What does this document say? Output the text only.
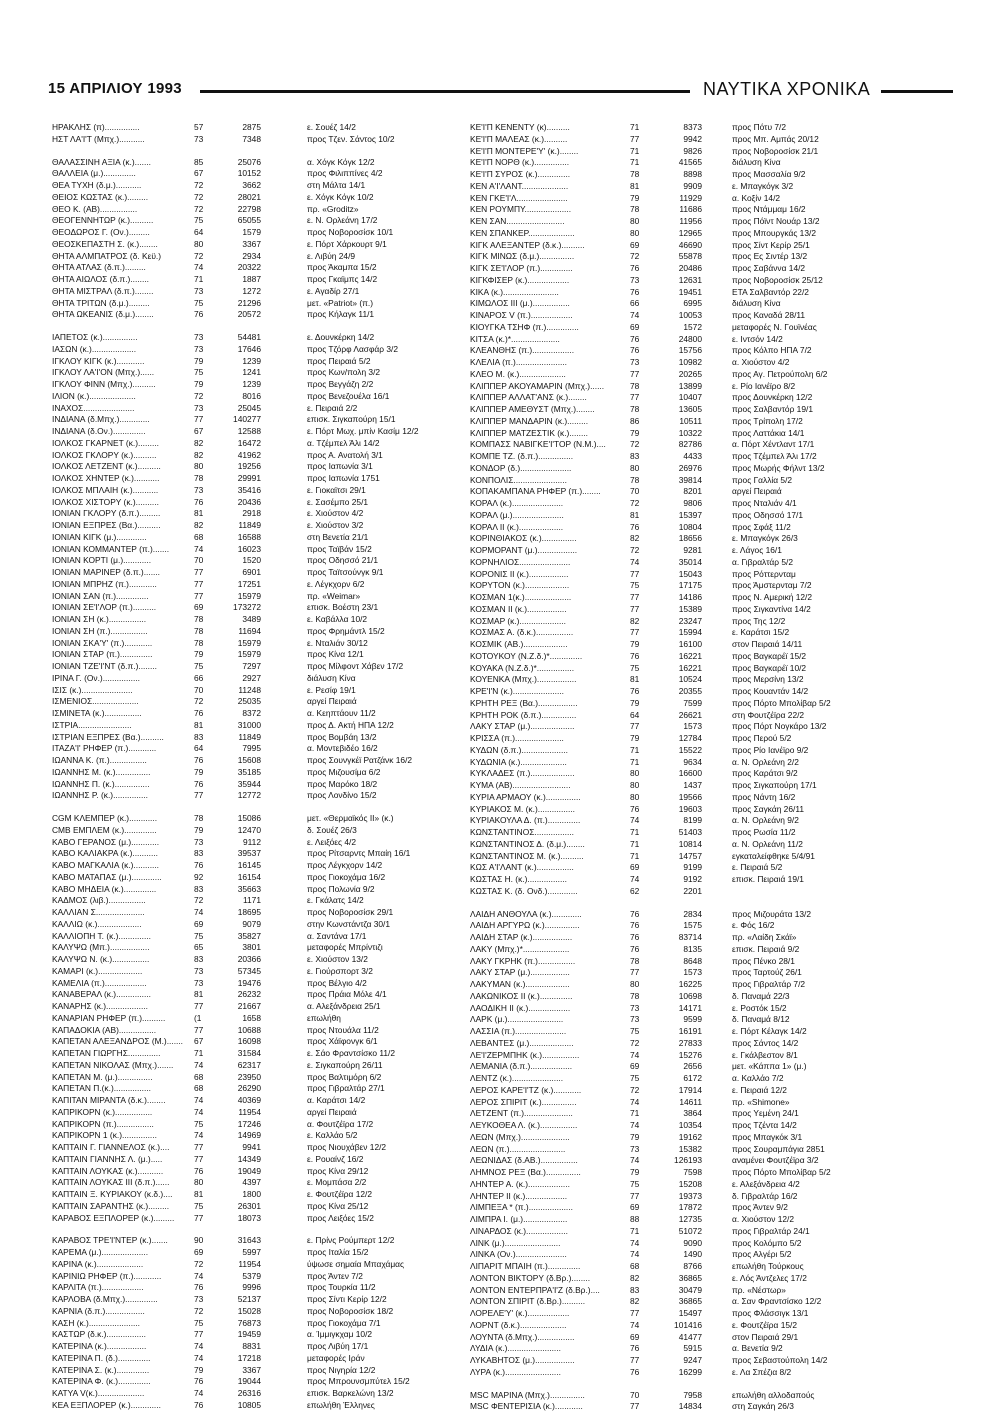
15 ΑΠΡΙΛΙΟΥ 1993	ΝΑΥΤΙΚΑ ΧΡΟΝΙΚΑ
ΗΡΑΚΛΗΣ (π)...............	57	2875	ε. Σουέζ 14/2
ΗΣΤ ΛΑ'Ι'Τ (Μπχ.)...........	73	7348	προς Τζεν. Σάντος 10/2
ΘΑΛΑΣΣΙΝΗ ΑΞΙΑ (κ.).......	85	25076	α. Χόγκ Κόγκ 12/2
ΘΑΛΛΕΙΑ (μ.)..............	67	10152	προς Φιλιππίνες 4/2
ΘΕΑ ΤΥΧΗ (δ.μ.)...........	72	3662	στη Μάλτα 14/1
ΘΕΙΟΣ ΚΩΣΤΑΣ (κ.).........	72	28021	ε. Χόγκ Κόγκ 10/2
ΘΕΟ Κ. (ΑΒ)................	72	22798	πρ. «Groditz»
ΘΕΟΓΕΝΝΗΤΩΡ (κ.)..........	75	65055	ε. Ν. Ορλεάνη 17/2
ΘΕΟΔΩΡΟΣ Γ. (Ον.).........	64	1579	προς Νοβοροσίσκ 10/1
ΘΕΟΣΚΕΠΑΣΤΗ Σ. (κ.)........	80	3367	ε. Πόρτ Χάρκουρτ 9/1
ΘΗΤΑ ΑΛΜΠΑΤΡΟΣ (δ. Κεϋ.)	72	2934	ε. Λιβύη 24/9
ΘΗΤΑ ΑΤΛΑΣ (δ.π.).........	74	20322	προς Άκαμπα 15/2
ΘΗΤΑ ΑΙΩΛΟΣ (δ.π.)........	71	1887	προς Γκαϊμπς 14/2
ΘΗΤΑ ΜΙΣΤΡΑΛ (δ.π.)........	73	1272	ε. Αγαδίρ 27/1
ΘΗΤΑ ΤΡΙΤΩΝ (δ.μ.).........	75	21296	μετ. «Patriot» (π.)
ΘΗΤΑ ΩΚΕΑΝΙΣ (δ.μ.)........	76	20572	προς Κήλαγκ 11/1
ΙΑΠΕΤΟΣ (κ.)...............	73	54481	ε. Δουνκέρκη 14/2
ΙΑΣΩΝ (κ.)...................	73	17646	προς Τζόρφ Λασφάρ 3/2
ΙΓΚΛΟΥ ΚΙΓΚ (κ.)............	79	1239	προς Πειραιά 5/2
ΙΓΚΛΟΥ ΛΑ'Ι'ΟΝ (Μπχ.)......	75	1241	προς Κων/πολη 3/2
ΙΓΚΛΟΥ ΦΙΝΝ (Μπχ.)..........	79	1239	προς Βεγγάζη 2/2
ΙΛΙΟΝ (κ.)....................	72	8016	προς Βενεζουέλα 16/1
ΙΝΑΧΟΣ......................	73	25045	ε. Πειραιά 2/2
ΙΝΔΙΑΝΑ (δ.Μπχ.).............	77	140277	επισκ. Σιγκαπούρη 15/1
ΙΝΔΙΑΝΑ (δ.Ον.)..............	67	12588	ε. Πόρτ Μωχ. μπίν Κασίμ 12/2
ΙΟΛΚΟΣ ΓΚΑΡΝΕΤ (κ.).........	82	16472	α. Τζέμπελ Άλι 14/2
ΙΟΛΚΟΣ ΓΚΛΟΡΥ (κ.)..........	82	41962	προς Α. Ανατολή 3/1
ΙΟΛΚΟΣ ΛΕΤΖΕΝΤ (κ.)..........	80	19256	προς Ιαπωνία 3/1
ΙΟΛΚΟΣ ΧΗΝΤΕΡ (κ.)...........	78	29991	προς Ιαπωνία 1751
ΙΟΛΚΟΣ ΜΠΛΑΙΗ (κ.)...........	73	35416	ε. Γιοκαϊτσι 29/1
ΙΟΛΚΟΣ ΧΙΣΤΟΡΥ (κ.)..........	76	20436	ε. Σασέμπο 25/1
ΙΟΝΙΑΝ ΓΚΛΟΡΥ (δ.π.).........	81	2918	ε. Χιούστον 4/2
ΙΟΝΙΑΝ ΕΞΠΡΕΣ (Βα.)..........	82	11849	ε. Χιούστον 3/2
ΙΟΝΙΑΝ ΚΙΓΚ (μ.).............	68	16588	στη Βενετία 21/1
ΙΟΝΙΑΝ ΚΟΜΜΑΝΤΕΡ (π.).......	74	16023	προς Ταϊβάν 15/2
ΙΟΝΙΑΝ ΚΟΡΤΙ (μ.)............	70	1520	προς Οδησσό 21/1
ΙΟΝΙΑΝ ΜΑΡΙΝΕΡ (δ.π.).......	77	6901	προς Ταϊτσούνγκ 9/1
ΙΟΝΙΑΝ ΜΠΡΗΖ (π.)............	77	17251	ε. Λέγκχορν 6/2
ΙΟΝΙΑΝ ΣΑΝ (π.)..............	77	15979	πρ. «Weimar»
ΙΟΝΙΑΝ ΣΕ'Ι'ΛΟΡ (π.)..........	69	173272	επισκ. Βοέστη 23/1
ΙΟΝΙΑΝ ΣΗ (κ.)................	78	3489	ε. Καβάλλα 10/2
ΙΟΝΙΑΝ ΣΗ (π.)................	78	11694	προς Φρημάντλ 15/2
ΙΟΝΙΑΝ ΣΚΑ'Υ' (π.)............	78	15979	ε. Νταλιάν 30/12
ΙΟΝΙΑΝ ΣΤΑΡ (π.)..............	79	15979	προς Κίνα 12/1
ΙΟΝΙΑΝ ΤΖΕ'Ι'ΝΤ (δ.π.)........	75	7297	προς Μίλφοντ Χάβεν 17/2
ΙΡΙΝΑ Γ. (Ον.)................	66	2927	διάλυση Κίνα
ΙΣΙΣ (κ.)......................	70	11248	ε. Ρεσίφ 19/1
ΙΣΜΕΝΙΟΣ....................	72	25035	αργεί Πειραιά
ΙΣΜΙΝΕΤΑ (κ.)................	76	8372	α. Κεηπτάουν 11/2
ΙΣΤΡΙΑ.......................	81	31000	προς Δ. Ακτή ΗΠΑ 12/2
ΙΣΤΡΙΑΝ ΕΞΠΡΕΣ (Βα.)..........	83	11849	προς Βομβάη 13/2
ΙΤΑΖΑ'Ι' ΡΗΦΕΡ (π.)............	64	7995	α. Μοντεβιδέο 16/2
ΙΩΑΝΝΑ Κ. (π.)................	76	15608	προς Σουνγκέϊ Ρατζάνκ 16/2
ΙΩΑΝΝΗΣ Μ. (κ.)...............	79	35185	προς Μιζουσίμα 6/2
ΙΩΑΝΝΗΣ Π. (κ.)...............	76	35944	προς Μαρόκο 18/2
ΙΩΑΝΝΗΣ Ρ. (κ.)...............	77	12772	προς Λονδίνο 15/2
CGM ΚΛΕΜΠΕΡ (κ.)............	78	15086	μετ. «Θερμαϊκός ΙΙ» (κ.)
CMB ΕΜΠΛΕΜ (κ.)..............	79	12470	δ. Σουέζ 26/3
ΚΑΒΟ ΓΕΡΑΝΟΣ (μ.)............	73	9112	ε. Λειξόες 4/2
ΚΑΒΟ ΚΑΛΙΑΚΡΑ (κ.)...........	83	39537	προς Ρίτσαρντς Μπαίη 16/1
ΚΑΒΟ ΜΑΓΚΑΛΙΑ (κ.)...........	76	16145	προς Λέγκχορν 14/2
ΚΑΒΟ ΜΑΤΑΠΑΣ (μ.).............	92	16154	προς Γιοκοχάμα 16/2
ΚΑΒΟ ΜΗΔΕΙΑ (κ.)..............	83	35663	προς Πολωνία 9/2
ΚΑΔΜΟΣ (λιβ.)................	72	1171	ε. Γκάλατς 14/2
ΚΑΛΛΙΑΝ Σ.....................	74	18695	προς Νοβοροσίσκ 29/1
ΚΑΛΛΙΩ (κ.)...................	69	9079	στην Κωνστάντζα 30/1
ΚΑΛΛΙΟΠΗ Τ. (κ.)..............	75	35827	α. Σαντάνα 17/1
ΚΑΛΥΨΩ (Μπ.).................	65	3801	μεταφορές Μπρίντιζι
ΚΑΛΥΨΩ Ν. (κ.)................	83	20366	ε. Χιούστον 13/2
ΚΑΜΑΡΙ (κ.)...................	73	57345	ε. Γιούρσπορτ 3/2
ΚΑΜΕΛΙΑ (π.)..................	73	19476	προς Βέλγιο 4/2
ΚΑΝΑΒΕΡΑΛ (κ.)...............	81	26232	προς Πράια Μόλε 4/1
ΚΑΝΑΡΗΣ (κ.)..................	77	21667	α. Αλεξάνδρεια 25/1
ΚΑΝΑΡΙΑΝ ΡΗΦΕΡ (π.)..........	(1	1658	επωλήθη
ΚΑΠΑΔΟΚΙΑ (ΑΒ)................	77	10688	προς Ντουάλα 11/2
ΚΑΠΕΤΑΝ ΑΛΕΞΑΝΔΡΟΣ (Μ.).......	67	16098	προς Χάϊφονγκ 6/1
ΚΑΠΕΤΑΝ ΓΙΩΡΓΗΣ..............	71	31584	ε. Σάο Φραντσίσκο 11/2
ΚΑΠΕΤΑΝ ΝΙΚΟΛΑΣ (Μπχ.).......	74	62317	ε. Σιγκαπούρη 26/11
ΚΑΠΕΤΑΝ Μ. (μ.)...............	68	23950	προς Βαλτιμόρη 6/2
ΚΑΠΕΤΑΝ Π.(κ.)................	68	26290	προς Γιβραλτάρ 27/1
ΚΑΠΙΤΑΝ ΜΙΡΑΝΤΑ (δ.κ.)........	74	40369	α. Καράτσι 14/2
ΚΑΠΡΙΚΟΡΝ (κ.)................	74	11954	αργεί Πειραιά
ΚΑΠΡΙΚΟΡΝ (π.)................	75	17246	α. Φουτζέϊρα 17/2
ΚΑΠΡΙΚΟΡΝ 1 (κ.)...............	74	14969	ε. Καλλάο 5/2
ΚΑΠΤΑΙΝ Γ. ΓΙΑΝΝΕΛΟΣ (κ.)....	77	9941	προς Νιουχάβεν 12/2
ΚΑΠΤΑΙΝ ΓΙΑΝΝΗΣ Λ. (μ.).....	77	14349	ε. Ρουαίνζ 16/2
ΚΑΠΤΑΙΝ ΛΟΥΚΑΣ (κ.)...........	76	19049	προς Κίνα 29/12
ΚΑΠΤΑΙΝ ΛΟΥΚΑΣ ΙΙΙ (δ.π.)......	80	4397	ε. Μομπάσα 2/2
ΚΑΠΤΑΙΝ Ξ. ΚΥΡΙΑΚΟΥ (κ.δ.)....	81	1800	ε. Φουτζέϊρα 12/2
ΚΑΠΤΑΙΝ ΣΑΡΑΝΤΗΣ (κ.).........	75	26301	προς Κίνα 25/12
ΚΑΡΑΒΟΣ ΕΞΠΛΟΡΕΡ (κ.).........	77	18073	προς Λειξόες 15/2
ΚΑΡΑΒΟΣ ΤΡΕ'Ι'ΝΤΕΡ (κ.).......	90	31643	ε. Πρίνς Ρούμπερτ 12/2
ΚΑΡΕΜΑ (μ.)....................	69	5997	προς Ιταλία 15/2
ΚΑΡΙΝΑ (κ.)....................	72	11954	ύψωσε σημαία Μπαχάμας
ΚΑΡΙΝΙΩ ΡΗΦΕΡ (π.)............	74	5379	προς Άντεν 7/2
ΚΑΡΛΙΤΑ (π.)..................	76	9996	προς Τουρκία 11/2
ΚΑΡΛΟΒΑ (δ.Μπχ.)..............	73	52137	προς Σίντι Κερίρ 12/2
ΚΑΡΝΙΑ (δ.π.).................	72	15028	προς Νοβοροσίσκ 18/2
ΚΑΣΗ (κ.)......................	75	76873	προς Γιοκοχάμα 7/1
ΚΑΣΤΩΡ (δ.κ.).................	77	19459	α. Ίμμιγκχαμ 10/2
ΚΑΤΕΡΙΝΑ (κ.).................	74	8831	προς Λιβύη 17/1
ΚΑΤΕΡΙΝΑ Π. (δ.)..............	74	17218	μεταφορές Ιράν
ΚΑΤΕΡΙΝΑ Σ. (κ.)..............	79	3367	προς Νιγηρία 12/2
ΚΑΤΕΡΙΝΑ Φ. (κ.)..............	76	19044	προς Μπρουνσμπύτελ 15/2
ΚΑΤΥΑ V(κ.)....................	74	26316	επισκ. Βαρκελώνη 13/2
ΚΕΑ ΕΞΠΛΟΡΕΡ (κ.).............	76	10805	επωλήθη Έλληνες
ΚΕ'Ι'Π ΚΕΝΕΝΤΥ (κ)..........	71	8373	προς Πότυ 7/2
ΚΕ'Ι'Π ΜΑΛΕΑΣ (κ.)..........	77	9942	προς Μπ. Αμπάς 20/12
ΚΕ'Ι'Π ΜΟΝΤΕΡΕ'Υ' (κ.)........	71	9826	προς Νοβοροσίσκ 21/1
ΚΕ'Ι'Π ΝΟΡΘ (κ.)...............	71	41565	διάλυση Κίνα
ΚΕ'Ι'Π ΣΥΡΟΣ (κ.)..............	78	8898	προς Μασσαλία 9/2
ΚΕΝ Α'Ι'ΛΑΝΤ....................	81	9909	ε. Μπαγκόγκ 3/2
ΚΕΝ ΓΚΕ'Ι'Λ......................	79	11929	α. Κοξίν 14/2
ΚΕΝ ΡΟΥΜΠΥ....................	78	11686	προς Ντάμμαμ 16/2
ΚΕΝ ΣΑΝ.........................	80	11956	προς Πόϊντ Νουάρ 13/2
ΚΕΝ ΣΠΑΝΚΕΡ....................	80	12965	προς Μπουργκάς 13/2
ΚΙΓΚ ΑΛΕΞΑΝΤΕΡ (δ.κ.)..........	69	46690	προς Σίντ Κερίρ 25/1
ΚΙΓΚ ΜΙΝΩΣ (δ.μ.)...............	72	55878	προς Ες Σιντέρ 13/2
ΚΙΓΚ ΣΕ'Ι'ΛΟΡ (π.)..............	76	20486	προς Σαβάννα 14/2
ΚΙΓΚΦΙΣΕΡ (κ.)..................	73	12631	προς Νοβοροσίσκ 25/12
ΚΙΚΑ (κ.)........................	76	19451	ΕΤΑ Σαλβαντόρ 22/2
ΚΙΜΩΛΟΣ ΙΙΙ (μ.)................	66	6995	διάλυση Κίνα
ΚΙΝΑΡΟΣ V (π.)..................	74	10053	προς Καναδά 28/11
ΚΙΟΥΓΚΑ ΤΣΗΦ (π.)..............	69	1572	μεταφορές Ν. Γουϊνέας
ΚΙΤΣΑ (κ.)*.....................	76	24800	ε. Ιντσόν 14/2
ΚΛΕΑΝΘΗΣ (π.)..................	76	15756	προς Κόλπο ΗΠΑ 7/2
ΚΛΕΛΙΑ (π.)......................	73	10982	α. Χιούστον 4/2
ΚΛΕΟ Μ. (κ.)....................	77	20265	προς Αγ. Πετρούπολη 6/2
ΚΛΙΠΠΕΡ ΑΚΟΥΑΜΑΡΙΝ (Μπχ.)......	78	13899	ε. Ρίο Ιανέϊρο 8/2
ΚΛΙΠΠΕΡ ΑΛΛΑΤ'ΑΝΣ (κ.)........	77	10407	προς Δουνκέρκη 12/2
ΚΛΙΠΠΕΡ ΑΜΕΘΥΣΤ (Μπχ.)........	78	13605	προς Σαλβαντόρ 19/1
ΚΛΙΠΠΕΡ ΜΑΝΔΑΡΙΝ (κ.).........	86	10511	προς Τρίπολη 17/2
ΚΛΙΠΠΕΡ ΜΑΤΖΕΣΤΙΚ (κ.)........	79	10322	προς Λαττάκια 14/1
ΚΟΜΠΑΣΣ ΝΑΒΙΓΚΕ'Ι'ΤΟΡ (Ν.Μ.)....	72	82786	α. Πόρτ Χέντλαντ 17/1
ΚΟΜΠΕ ΤΖ. (δ.π.)...............	83	4433	προς Τζέμπελ Άλι 17/2
ΚΟΝΔΟΡ (δ.)......................	80	26976	προς Μωρής Φήλντ 13/2
ΚΟΝΠΟΛΙΣ.......................	78	39814	προς Γαλλία 5/2
ΚΟΠΑΚΑΜΠΑΝΑ ΡΗΦΕΡ (π.)........	70	8201	αργεί Πειραιά
ΚΟΡΑΛ (κ.)......................	72	9806	προς Νταλιάν 4/1
ΚΟΡΑΛ (μ.)......................	81	15397	προς Οδησσό 17/1
ΚΟΡΑΛ ΙΙ (κ.)...................	76	10804	προς Σφάξ 11/2
ΚΟΡΙΝΘΙΑΚΟΣ (κ.)...............	82	18656	ε. Μπαγκόγκ 26/3
ΚΟΡΜΟΡΑΝΤ (μ.).................	72	9281	ε. Λάγος 16/1
ΚΟΡΝΗΛΙΟΣ......................	74	35014	α. Γιβραλτάρ 5/2
ΚΟΡΟΝΙΣ ΙΙ (κ.).................	77	15043	προς Ρόττερνταμ
ΚΟΡΥΤΟΝ (κ.)...................	75	17175	προς Άμστερνταμ 7/2
ΚΟΣΜΑΝ 1(κ.)....................	77	14186	προς Ν. Αμερική 12/2
ΚΟΣΜΑΝ ΙΙ (κ.).................	77	15389	προς Σιγκαντίνα 14/2
ΚΟΣΜΑΡ (κ.)....................	82	23247	προς Της 12/2
ΚΟΣΜΑΣ Α. (δ.κ.)................	77	15994	ε. Καράτσι 15/2
ΚΟΣΜΙΚ (ΑΒ.)...................	79	16100	στον Πειραιά 14/11
ΚΟΤΟΥΚΟΥ (Ν.Ζ.δ.)*..............	76	16221	προς Βαγκαρέϊ 15/2
ΚΟΥΑΚΑ (Ν.Ζ.δ.)*................	75	16221	προς Βαγκαρέϊ 10/2
ΚΟΥΕΝΚΑ (Μπχ.).................	81	10524	προς Μερσίνη 13/2
ΚΡΕ'Ι'Ν (κ.)......................	76	20355	προς Κουαντάν 14/2
ΚΡΗΤΗ ΡΕΞ (Βα.).................	79	7599	προς Πόρτο Μπολίβαρ 5/2
ΚΡΗΤΗ ΡΟΚ (δ.π.)...............	64	26621	στη Φουτζέϊρα 22/2
ΛΑΚΥ ΣΤΑΡ (μ.)...................	77	1573	προς Πόρτ Νογκάρο 13/2
ΚΡΙΣΣΑ (π.).....................	79	12784	προς Περού 5/2
ΚΥΔΩΝ (δ.π.)....................	71	15522	προς Ρίο Ιανέϊρο 9/2
ΚΥΔΩΝΙΑ (κ.)....................	71	9634	α. Ν. Ορλεάνη 2/2
ΚΥΚΛΑΔΕΣ (π.)...................	80	16600	προς Καράτσι 9/2
ΚΥΜΑ (ΑΒ).........................	80	1437	προς Σιγκαπούρη 17/1
ΚΥΡΙΑ ΑΡΜΑΟΥ (κ.)...............	80	19566	προς Νάντη 16/2
ΚΥΡΙΑΚΟΣ Μ. (κ.)................	76	19603	προς Σαγκάη 26/11
ΚΥΡΙΑΚΟΥΛΑ Δ. (π.)..............	74	8199	α. Ν. Ορλεάνη 9/2
ΚΩΝΣΤΑΝΤΙΝΟΣ.................	71	51403	προς Ρωσία 11/2
ΚΩΝΣΤΑΝΤΙΝΟΣ Δ. (δ.μ.)........	71	10814	α. Ν. Ορλεάνη 11/2
ΚΩΝΣΤΑΝΤΙΝΟΣ Μ. (κ.)..........	71	14757	εγκαταλείφθηκε 5/4/91
ΚΩΣ Α'Ι'ΛΑΝΤ (κ.)................	69	9199	ε. Πειραιά 5/2
ΚΩΣΤΑΣ Η. (κ.).................	74	9192	επισκ. Πειραιά 19/1
ΚΩΣΤΑΣ Κ. (δ. Ονδ.).............	62	2201
ΛΑΙΔΗ ΑΝΘΟΥΛΑ (κ.).............	76	2834	προς Μιζουράτα 13/2
ΛΑΙΔΗ ΑΡΓΥΡΩ (κ.)...............	76	1575	ε. Φός 16/2
ΛΑΙΔΗ ΣΤΑΡ (κ.).................	76	83714	πρ. «Λαίδη Σκάϊ»
ΛΑΚΥ (Μπχ.)*....................	76	8135	επισκ. Πειραιά 9/2
ΛΑΚΥ ΓΚΡΗΚ (π.)................	78	8648	προς Πένκο 28/1
ΛΑΚΥ ΣΤΑΡ (μ.).................	77	1573	προς Ταρτούζ 26/1
ΛΑΚΥΜΑΝ (κ.)...................	80	16225	προς Γιβραλτάρ 7/2
ΛΑΚΩΝΙΚΟΣ ΙΙ (κ.)..............	78	10698	δ. Παναμά 22/3
ΛΑΟΔΙΚΗ ΙΙ (κ.)..................	73	14171	ε. Ροστόκ 15/2
ΛΑΡΚ (μ.)........................	73	9599	δ. Παναμά 8/12
ΛΑΣΣΙΑ (π.)......................	75	16191	ε. Πόρτ Κέλαγκ 14/2
ΛΕΒΑΝΤΕΣ (μ.)...................	72	27833	προς Σάντος 14/2
ΛΕ'Ι'ΖΕΡΜΠΗΚ (κ.)................	74	15276	ε. Γκάλβεστον 8/1
ΛΕΜΑΝΙΑ (δ.π.)..................	69	2656	μετ. «Κάππα 1» (μ.)
ΛΕΝΤΖ (κ.)......................	75	6172	α. Καλλάο 7/2
ΛΕΡΟΣ ΚΑΡΕ'Ι'ΤΖ (κ.)............	72	17914	ε. Πειραιά 12/2
ΛΕΡΟΣ ΣΠΙΡΙΤ (κ.)...............	74	14611	πρ. «Shimone»
ΛΕΤΖΕΝΤ (π.).....................	71	3864	προς Υεμένη 24/1
ΛΕΥΚΟΘΕΑ Λ. (κ.)................	74	10354	προς Τζέντα 14/2
ΛΕΩΝ (Μπχ.).....................	79	19162	προς Μπαγκόκ 3/1
ΛΕΩΝ (π.)........................	73	15382	προς Σουραμπάγια 2851
ΛΕΩΝΙΔΑΣ (δ.ΑΒ.)................	74	126193	αναμένει Φουτζέϊρα 3/2
ΛΗΜΝΟΣ ΡΕΞ (Βα.)...............	79	7598	προς Πόρτο Μπολίβαρ 5/2
ΛΗΝΤΕΡ Α. (κ.)..................	75	15208	ε. Αλεξάνδρεια 4/2
ΛΗΝΤΕΡ ΙΙ (κ.)..................	77	19373	δ. Γιβραλτάρ 16/2
ΛΙΜΠΕΞΑ * (π.)...................	69	17872	προς Άντεν 9/2
ΛΙΜΠΡΑ Ι. (μ.)...................	88	12735	α. Χιούστον 12/2
ΛΙΝΑΡΔΟΣ (κ.)..................	71	51072	προς Γιβραλτάρ 24/1
ΛΙΝΚ (μ.)........................	74	9090	προς Κολόμπο 5/2
ΛΙΝΚΑ (Ον.)......................	74	1490	προς Αλγέρι 5/2
ΛΙΠΑΡΙΤ ΜΠΑΙΗ (π.)..............	68	8766	επωλήθη Τούρκους
ΛΟΝΤΟΝ ΒΙΚΤΟΡΥ (δ.Βρ.)........	82	36865	ε. Λός Άντζελες 17/2
ΛΟΝΤΟΝ ΕΝΤΕΡΠΡΑ'Ι'Ζ (δ.Βρ.)....	83	30479	πρ. «Νέστωρ»
ΛΟΝΤΟΝ ΣΠΙΡΙΤ (δ.Βρ.)..........	82	36865	α. Σαν Φραντσίσκο 12/2
ΛΟΡΕΛΕ'Υ' (κ.)..................	77	15497	προς Φλάσσιγκ 13/1
ΛΟΡΝΤ (δ.κ.)....................	74	101416	ε. Φουτζέϊρα 15/2
ΛΟΥΝΤΑ (δ.Μπχ.)................	69	41477	στον Πειραιά 29/1
ΛΥΔΙΑ (κ.).......................	76	5915	α. Βενετία 9/2
ΛΥΚΑΒΗΤΟΣ (μ.).................	77	9247	προς Σεβαστούπολη 14/2
ΛΥΡΑ (κ.)........................	76	16299	ε. Λα Σπέζια 8/2
MSC ΜΑΡΙΝΑ (Μπχ.)...............	70	7958	επωλήθη αλλοδαπούς
MSC ΦΕΝΤΕΡΙΣΙΑ (κ.)............	77	14834	στη Σαγκάη 26/3
